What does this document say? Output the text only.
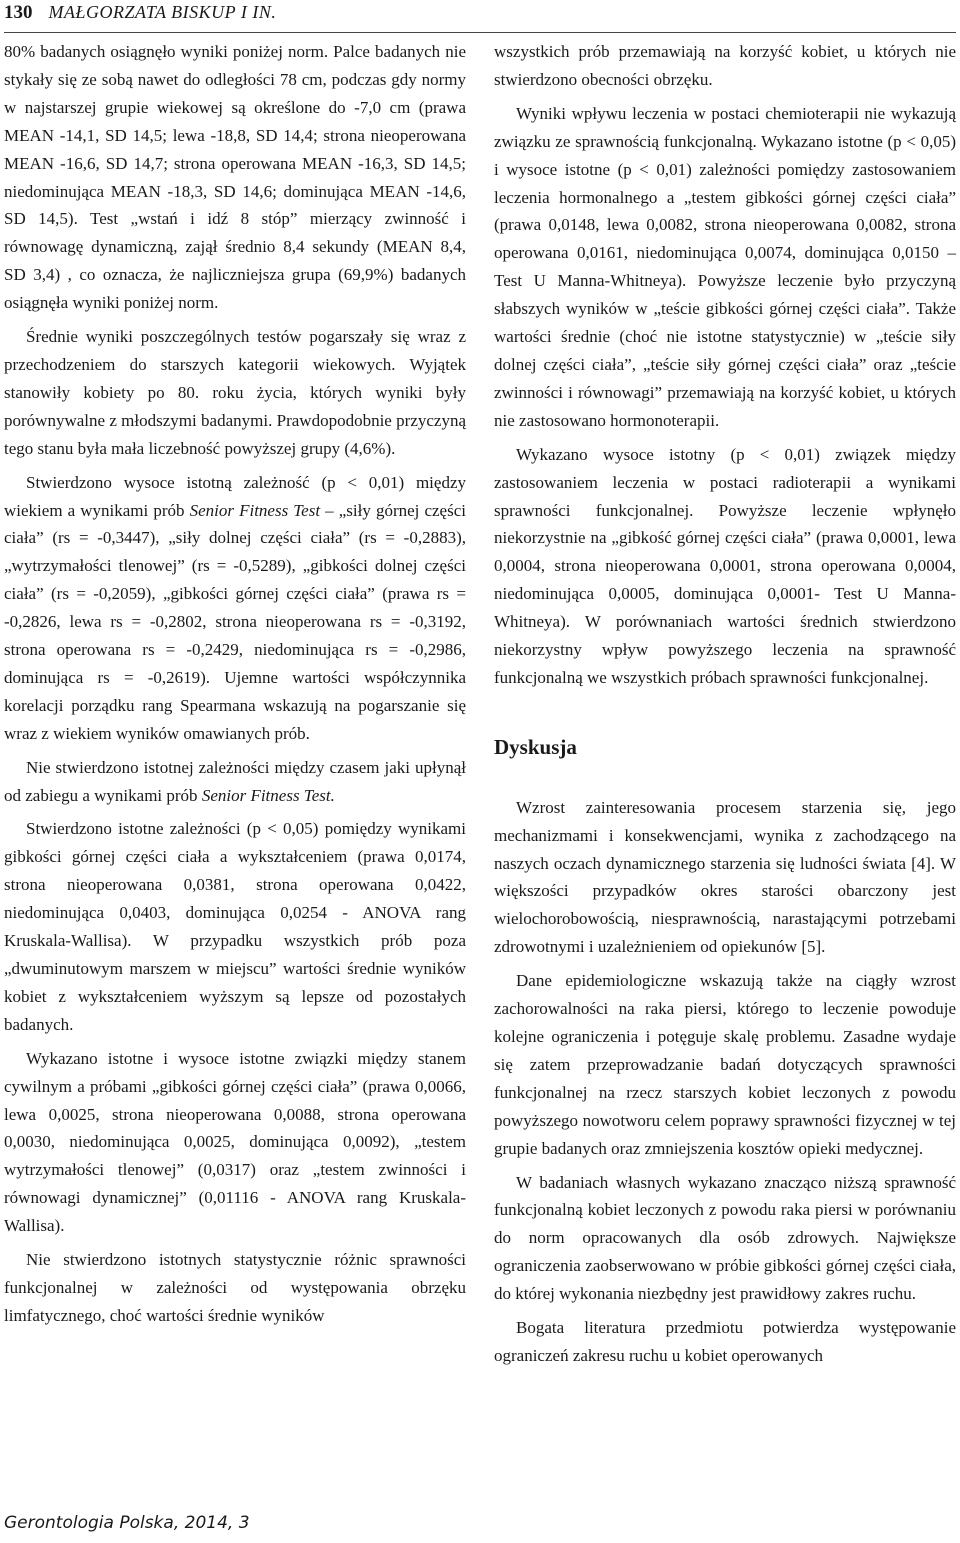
130 MAŁGORZATA BISKUP I IN.

80% badanych osiągnęło wyniki poniżej norm. Palce badanych nie stykały się ze sobą nawet do odległości 78 cm, podczas gdy normy w najstarszej grupie wiekowej są określone do -7,0 cm (prawa MEAN -14,1, SD 14,5; lewa -18,8, SD 14,4; strona nieoperowana MEAN -16,6, SD 14,7; strona operowana MEAN -16,3, SD 14,5; niedominująca MEAN -18,3, SD 14,6; dominująca MEAN -14,6, SD 14,5). Test „wstań i idź 8 stóp” mierzący zwinność i równowagę dynamiczną, zajął średnio 8,4 sekundy (MEAN 8,4, SD 3,4) , co oznacza, że najliczniejsza grupa (69,9%) badanych osiągnęła wyniki poniżej norm.

Średnie wyniki poszczególnych testów pogarszały się wraz z przechodzeniem do starszych kategorii wiekowych. Wyjątek stanowiły kobiety po 80. roku życia, których wyniki były porównywalne z młodszymi badanymi. Prawdopodobnie przyczyną tego stanu była mała liczebność powyższej grupy (4,6%).

Stwierdzono wysoce istotną zależność (p < 0,01) między wiekiem a wynikami prób Senior Fitness Test – „siły górnej części ciała” (rs = -0,3447), „siły dolnej części ciała” (rs = -0,2883), „wytrzymałości tlenowej” (rs = -0,5289), „gibkości dolnej części ciała” (rs = -0,2059), „gibkości górnej części ciała” (prawa rs = -0,2826, lewa rs = -0,2802, strona nieoperowana rs = -0,3192, strona operowana rs = -0,2429, niedominująca rs = -0,2986, dominująca rs = -0,2619). Ujemne wartości współczynnika korelacji porządku rang Spearmana wskazują na pogarszanie się wraz z wiekiem wyników omawianych prób.

Nie stwierdzono istotnej zależności między czasem jaki upłynął od zabiegu a wynikami prób Senior Fitness Test.

Stwierdzono istotne zależności (p < 0,05) pomiędzy wynikami gibkości górnej części ciała a wykształceniem (prawa 0,0174, strona nieoperowana 0,0381, strona operowana 0,0422, niedominująca 0,0403, dominująca 0,0254 - ANOVA rang Kruskala-Wallisa). W przypadku wszystkich prób poza „dwuminutowym marszem w miejscu” wartości średnie wyników kobiet z wykształceniem wyższym są lepsze od pozostałych badanych.

Wykazano istotne i wysoce istotne związki między stanem cywilnym a próbami „gibkości górnej części ciała” (prawa 0,0066, lewa 0,0025, strona nieoperowana 0,0088, strona operowana 0,0030, niedominująca 0,0025, dominująca 0,0092), „testem wytrzymałości tlenowej” (0,0317) oraz „testem zwinności i równowagi dynamicznej” (0,01116 - ANOVA rang Kruskala-Wallisa).

Nie stwierdzono istotnych statystycznie różnic sprawności funkcjonalnej w zależności od występowania obrzęku limfatycznego, choć wartości średnie wyników

wszystkich prób przemawiają na korzyść kobiet, u których nie stwierdzono obecności obrzęku.

Wyniki wpływu leczenia w postaci chemioterapii nie wykazują związku ze sprawnością funkcjonalną. Wykazano istotne (p < 0,05) i wysoce istotne (p < 0,01) zależności pomiędzy zastosowaniem leczenia hormonalnego a „testem gibkości górnej części ciała” (prawa 0,0148, lewa 0,0082, strona nieoperowana 0,0082, strona operowana 0,0161, niedominująca 0,0074, dominująca 0,0150 – Test U Manna-Whitneya). Powyższe leczenie było przyczyną słabszych wyników w „teście gibkości górnej części ciała”. Także wartości średnie (choć nie istotne statystycznie) w „teście siły dolnej części ciała”, „teście siły górnej części ciała” oraz „teście zwinności i równowagi” przemawiają na korzyść kobiet, u których nie zastosowano hormonoterapii.

Wykazano wysoce istotny (p < 0,01) związek między zastosowaniem leczenia w postaci radioterapii a wynikami sprawności funkcjonalnej. Powyższe leczenie wpłynęło niekorzystnie na „gibkość górnej części ciała” (prawa 0,0001, lewa 0,0004, strona nieoperowana 0,0001, strona operowana 0,0004, niedominująca 0,0005, dominująca 0,0001- Test U Manna-Whitneya). W porównaniach wartości średnich stwierdzono niekorzystny wpływ powyższego leczenia na sprawność funkcjonalną we wszystkich próbach sprawności funkcjonalnej.

Dyskusja

Wzrost zainteresowania procesem starzenia się, jego mechanizmami i konsekwencjami, wynika z zachodzącego na naszych oczach dynamicznego starzenia się ludności świata [4]. W większości przypadków okres starości obarczony jest wielochorobowością, niesprawnością, narastającymi potrzebami zdrowotnymi i uzależnieniem od opiekunów [5].

Dane epidemiologiczne wskazują także na ciągły wzrost zachorowalności na raka piersi, którego to leczenie powoduje kolejne ograniczenia i potęguje skalę problemu. Zasadne wydaje się zatem przeprowadzanie badań dotyczących sprawności funkcjonalnej na rzecz starszych kobiet leczonych z powodu powyższego nowotworu celem poprawy sprawności fizycznej w tej grupie badanych oraz zmniejszenia kosztów opieki medycznej.

W badaniach własnych wykazano znacząco niższą sprawność funkcjonalną kobiet leczonych z powodu raka piersi w porównaniu do norm opracowanych dla osób zdrowych. Największe ograniczenia zaobserwowano w próbie gibkości górnej części ciała, do której wykonania niezbędny jest prawidłowy zakres ruchu.

Bogata literatura przedmiotu potwierdza występowanie ograniczeń zakresu ruchu u kobiet operowanych

Gerontologia Polska, 2014, 3
